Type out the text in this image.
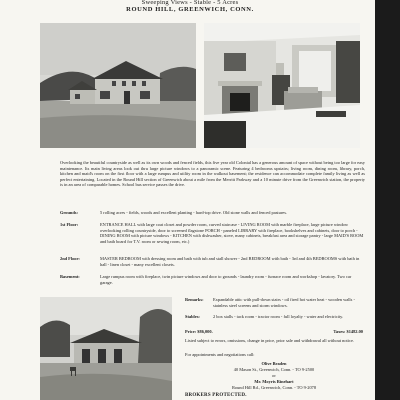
Sweeping Views - Stable - 5 Acres
ROUND HILL, GREENWICH, CONN.

Overlooking the beautiful countryside as well as its own woods and fenced fields, this five year old Colonial has a generous amount of space without being too large for easy maintenance. Its main living areas look out thru large picture windows to a panoramic scene. Featuring 4 bedrooms upstairs; living room, dining room, library, porch, kitchen and maid's room on the first floor with a large rumpus and utility room in the walkout basement; the residence can accommodate complete family living as well as perfect entertaining. Located in the Round Hill section of Greenwich about a mile from the Merritt Parkway and a 10 minute drive from the Greenwich station, the property is in an area of comparable homes. School bus service passes the drive.

Grounds:	5 rolling acres - fields, woods and excellent planting - hard-top drive. Old stone walls and fenced pastures.
1st Floor:	ENTRANCE HALL with large coat closet and powder room, curved staircase - LIVING ROOM with marble fireplace, large picture window overlooking rolling countryside, door to screened flagstone PORCH - paneled LIBRARY with fireplace, bookshelves and cabinets, door to porch - DINING ROOM with picture windows - KITCHEN with dishwasher, stove, many cabinets, breakfast area and storage pantry - large MAID'S ROOM and bath board for T.V. room or sewing room, etc.)
2nd Floor:	MASTER BEDROOM with dressing room and bath with tub and stall shower - 2nd BEDROOM with bath - 3rd and 4th BEDROOMS with bath in hall - linen closet - many excellent closets.
Basement:	Large rumpus room with fireplace, twin picture windows and door to grounds - laundry room - furnace room and workshop - lavatory. Two car garage.
Remarks: Expandable attic with pull-down stairs - oil fired hot water heat - wooden walls - stainless steel screens and storm windows.
Stables:	2 box stalls - tack room - tractor room - full loyalty - water and electricity.
Price: $86,000.	Taxes: $1482.00
Listed subject to errors, omissions, change in price, prior sale and withdrawal all without notice.
For appointments and negotiations call:
Olive Braden
40 Mason St., Greenwich, Conn. - TO 9-2500
or
Mr. Moyris Rinehart
Round Hill Rd., Greenwich, Conn. - TO 9-2078
BROKERS PROTECTED.
